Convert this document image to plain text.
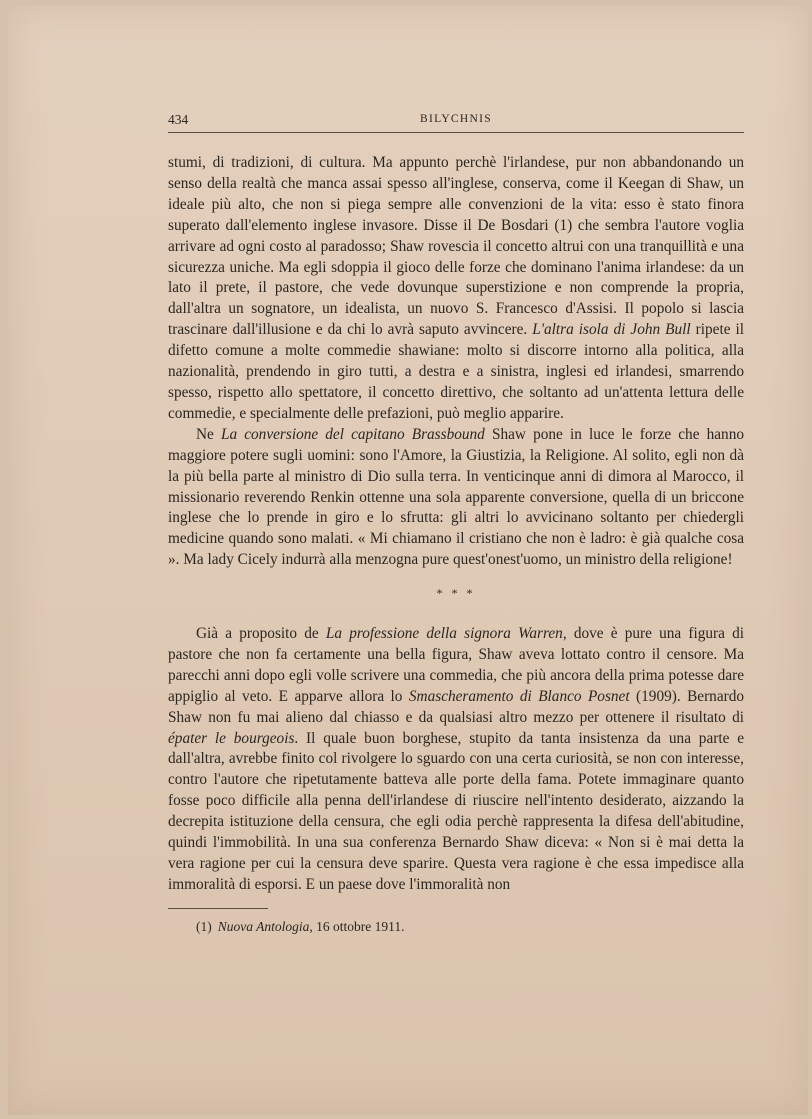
434	BILYCHNIS

stumi, di tradizioni, di cultura. Ma appunto perchè l'irlandese, pur non abbandonando un senso della realtà che manca assai spesso all'inglese, conserva, come il Keegan di Shaw, un ideale più alto, che non si piega sempre alle convenzioni de la vita: esso è stato finora superato dall'elemento inglese invasore. Disse il De Bosdari (1) che sembra l'autore voglia arrivare ad ogni costo al paradosso; Shaw rovescia il concetto altrui con una tranquillità e una sicurezza uniche. Ma egli sdoppia il gioco delle forze che dominano l'anima irlandese: da un lato il prete, il pastore, che vede dovunque superstizione e non comprende la propria, dall'altra un sognatore, un idealista, un nuovo S. Francesco d'Assisi. Il popolo si lascia trascinare dall'illusione e da chi lo avrà saputo avvincere. L'altra isola di John Bull ripete il difetto comune a molte commedie shawiane: molto si discorre intorno alla politica, alla nazionalità, prendendo in giro tutti, a destra e a sinistra, inglesi ed irlandesi, smarrendo spesso, rispetto allo spettatore, il concetto direttivo, che soltanto ad un'attenta lettura delle commedie, e specialmente delle prefazioni, può meglio apparire.

Ne La conversione del capitano Brassbound Shaw pone in luce le forze che hanno maggiore potere sugli uomini: sono l'Amore, la Giustizia, la Religione. Al solito, egli non dà la più bella parte al ministro di Dio sulla terra. In venticinque anni di dimora al Marocco, il missionario reverendo Renkin ottenne una sola apparente conversione, quella di un briccone inglese che lo prende in giro e lo sfrutta: gli altri lo avvicinano soltanto per chiedergli medicine quando sono malati. « Mi chiamano il cristiano che non è ladro: è già qualche cosa ». Ma lady Cicely indurrà alla menzogna pure quest'onest'uomo, un ministro della religione!

* * *

Già a proposito de La professione della signora Warren, dove è pure una figura di pastore che non fa certamente una bella figura, Shaw aveva lottato contro il censore. Ma parecchi anni dopo egli volle scrivere una commedia, che più ancora della prima potesse dare appiglio al veto. E apparve allora lo Smascheramento di Blanco Posnet (1909). Bernardo Shaw non fu mai alieno dal chiasso e da qualsiasi altro mezzo per ottenere il risultato di épater le bourgeois. Il quale buon borghese, stupito da tanta insistenza da una parte e dall'altra, avrebbe finito col rivolgere lo sguardo con una certa curiosità, se non con interesse, contro l'autore che ripetutamente batteva alle porte della fama. Potete immaginare quanto fosse poco difficile alla penna dell'irlandese di riuscire nell'intento desiderato, aizzando la decrepita istituzione della censura, che egli odia perchè rappresenta la difesa dell'abitudine, quindi l'immobilità. In una sua conferenza Bernardo Shaw diceva: « Non si è mai detta la vera ragione per cui la censura deve sparire. Questa vera ragione è che essa impedisce alla immoralità di esporsi. E un paese dove l'immoralità non

(1) Nuova Antologia, 16 ottobre 1911.
